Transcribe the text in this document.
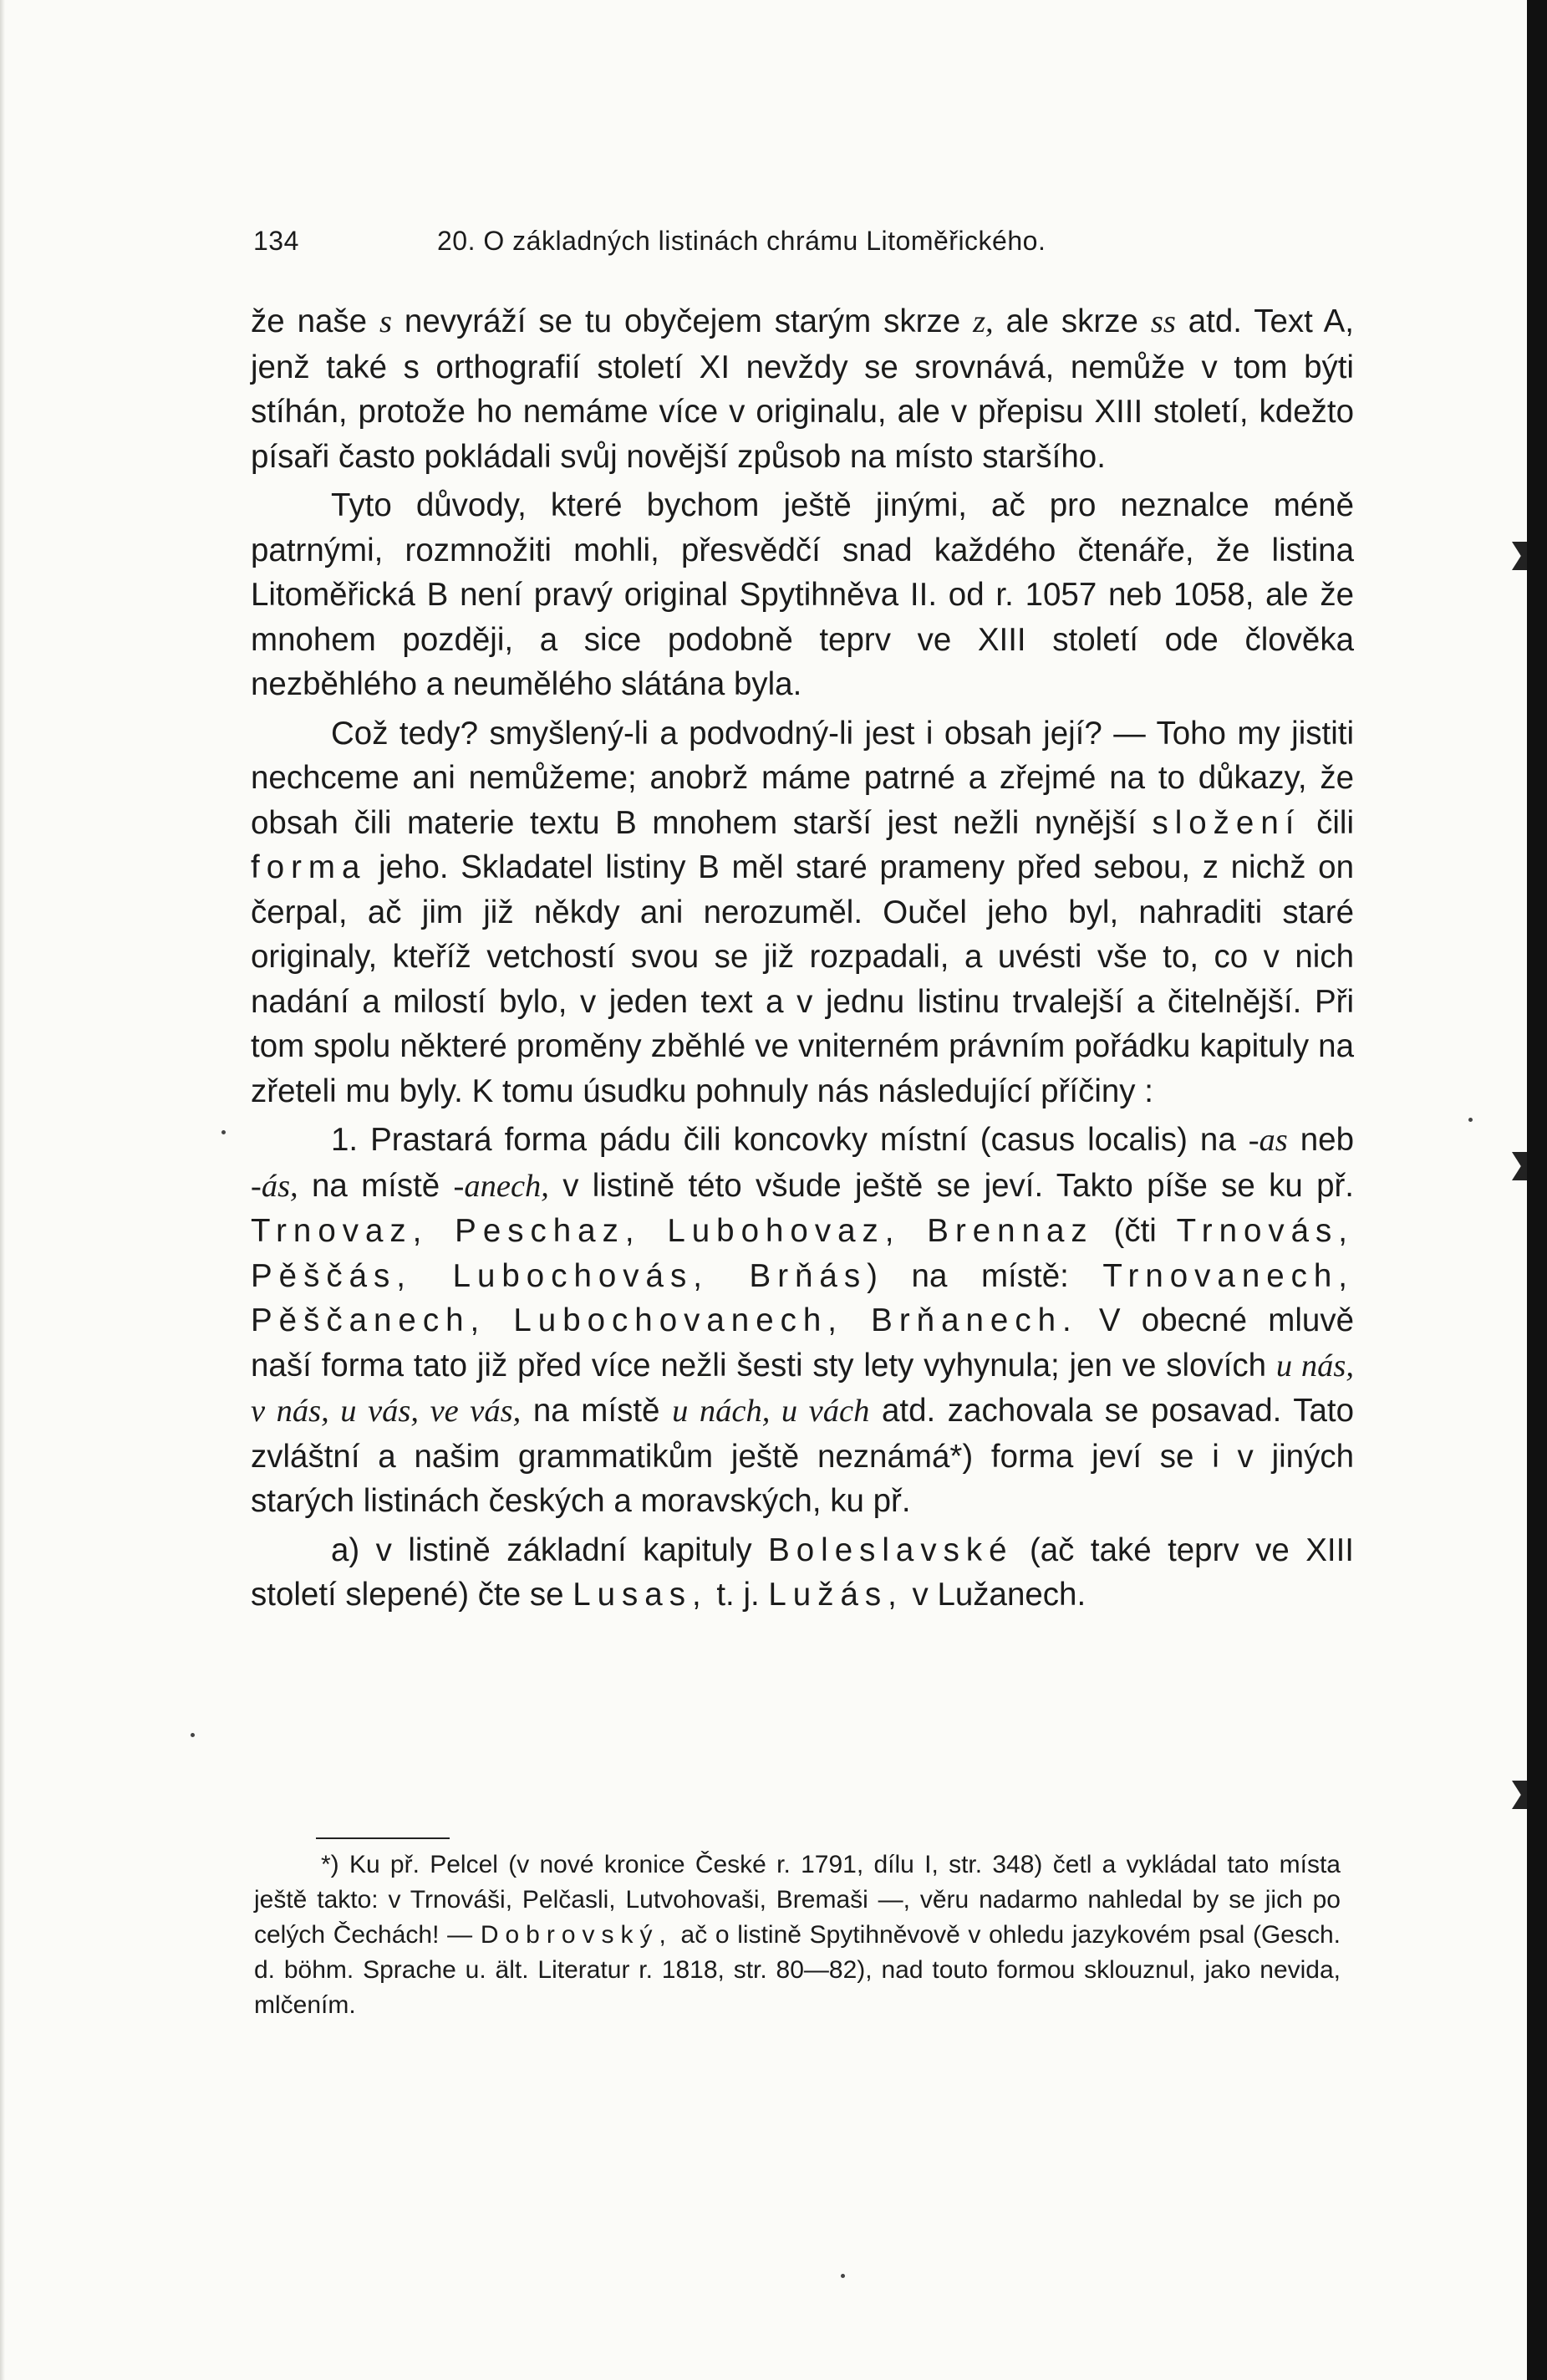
134	20. O základných listinách chrámu Litoměřického.

že naše s nevyráží se tu obyčejem starým skrze z, ale skrze ss atd. Text A, jenž také s orthografií století XI nevždy se srovnává, nemůže v tom býti stíhán, protože ho nemáme více v originalu, ale v přepisu XIII století, kdežto písaři často pokládali svůj novější způsob na místo staršího.

Tyto důvody, které bychom ještě jinými, ač pro neznalce méně patrnými, rozmnožiti mohli, přesvědčí snad každého čtenáře, že listina Litoměřická B není pravý original Spytihněva II. od r. 1057 neb 1058, ale že mnohem později, a sice podobně teprv ve XIII století ode člověka nezběhlého a neumělého slátána byla.

Což tedy? smyšlený-li a podvodný-li jest i obsah její? — Toho my jistiti nechceme ani nemůžeme; anobrž máme patrné a zřejmé na to důkazy, že obsah čili materie textu B mnohem starší jest nežli nynější složení čili forma jeho. Skladatel listiny B měl staré prameny před sebou, z nichž on čerpal, ač jim již někdy ani nerozuměl. Oučel jeho byl, nahraditi staré originaly, kteříž vetchostí svou se již rozpadali, a uvésti vše to, co v nich nadání a milostí bylo, v jeden text a v jednu listinu trvalejší a čitelnější. Při tom spolu některé proměny zběhlé ve vniterném právním pořádku kapituly na zřeteli mu byly. K tomu úsudku pohnuly nás následující příčiny :

1. Prastará forma pádu čili koncovky místní (casus localis) na -as neb -ás, na místě -anech, v listině této všude ještě se jeví. Takto píše se ku př. Trnovaz, Peschaz, Lubohovaz, Brennaz (čti Trnovás, Pěščás, Lubochovás, Brňás) na místě: Trnovanech, Pěščanech, Lubochovanech, Brňanech. V obecné mluvě naší forma tato již před více nežli šesti sty lety vyhynula; jen ve slovích u nás, v nás, u vás, ve vás, na místě u nách, u vách atd. zachovala se posavad. Tato zvláštní a našim grammatikům ještě neznámá*) forma jeví se i v jiných starých listinách českých a moravských, ku př.

a) v listině základní kapituly Boleslavské (ač také teprv ve XIII století slepené) čte se Lusas, t. j. Lužás, v Lužanech.

*) Ku př. Pelcel (v nové kronice České r. 1791, dílu I, str. 348) četl a vykládal tato místa ještě takto: v Trnováši, Pelčasli, Lutvohovaši, Bremaši —, věru nadarmo nahledal by se jich po celých Čechách! — Dobrovský, ač o listině Spytihněvově v ohledu jazykovém psal (Gesch. d. böhm. Sprache u. ält. Literatur r. 1818, str. 80—82), nad touto formou sklouznul, jako nevida, mlčením.
